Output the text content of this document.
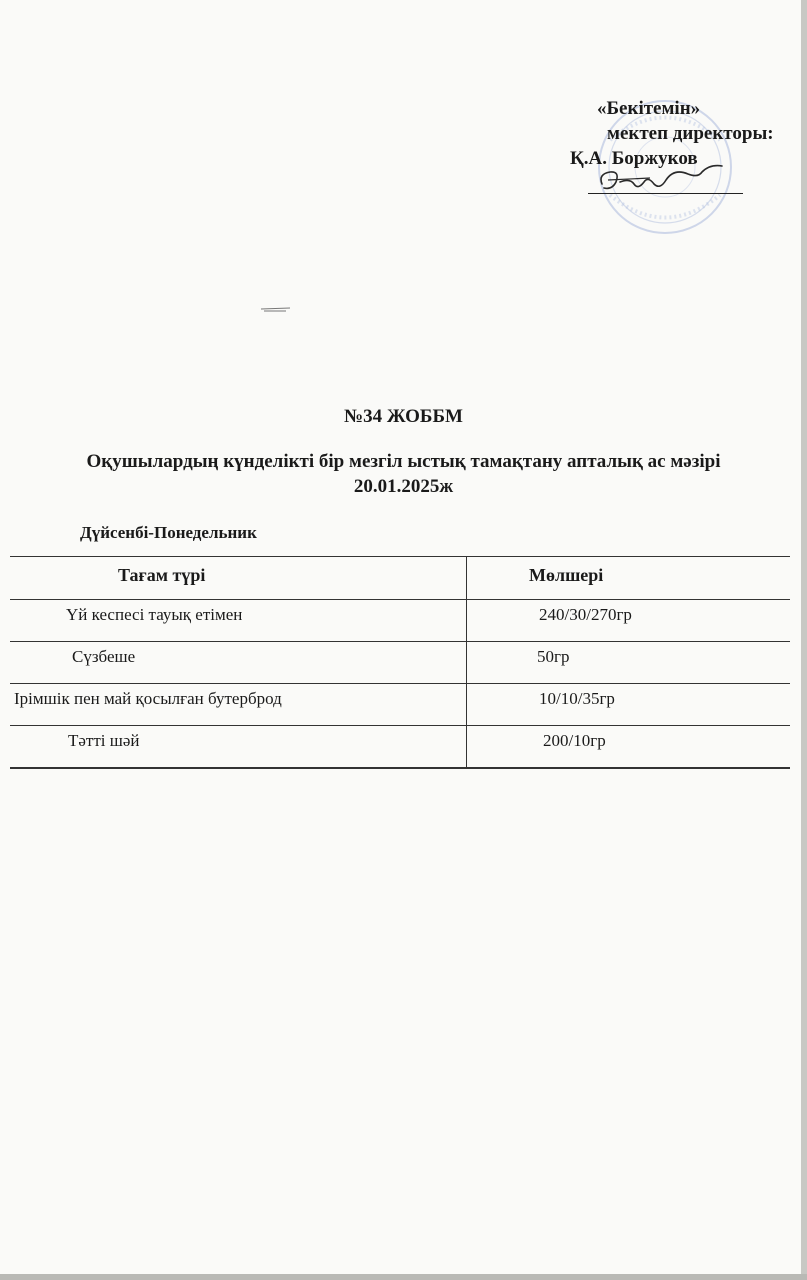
«Бекітемін»
мектеп директоры:
Қ.А. Боржуков
№34 ЖОББМ
Оқушылардың күнделікті бір мезгіл ыстық тамақтану апталық ас мәзірі
20.01.2025ж
Дүйсенбі-Понедельник
Тағам түрі	Мөлшері

Үй кеспесі тауық етімен	240/30/270гр

Сүзбеше	50гр

Ірімшік пен май қосылған бутерброд	10/10/35гр

Тәтті шәй	200/10гр
